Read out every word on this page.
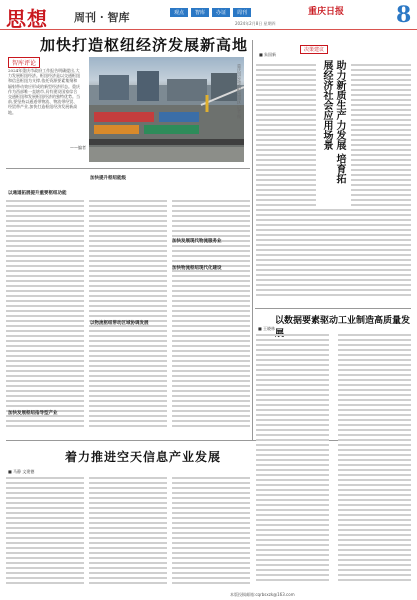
思想 周刊 · 智库	观点	智库	办证	周刊	重庆日报
2024年2月8日 星期四	8
加快打造枢纽经济发展新高地
智库评论
2024年重庆市政府工作报告明确提出,大力发展枢纽经济。枢纽经济是以交通枢纽和信息枢纽为支撑,依托资源要素集聚和辐射带动效应形成的新型经济形态。重庆作为西部唯一直辖市,具有建设国家综合交通枢纽和发展枢纽经济的独特优势。当前,要坚持以通道带物流、物流带经贸、经贸带产业,加快打造枢纽经济发展新高地。
——编者
重庆国际物流枢纽园区 记者 摄
决策建议
■ 朱国新
助力新质生产力发展 培育拓展经济社会应用场景
以通道拓展提升重要枢纽功能
加快提升枢纽能级
以物流枢纽带动区域协调发展
加快发展现代物流服务业
加快物流枢纽现代化建设
加快发展枢纽指导型产业
以数据要素驱动工业制造高质量发
■ 王晓林
着力推进空天信息产业发展
■ 马静 文建德
本版投稿邮箱:cqrbsxzk@163.com
